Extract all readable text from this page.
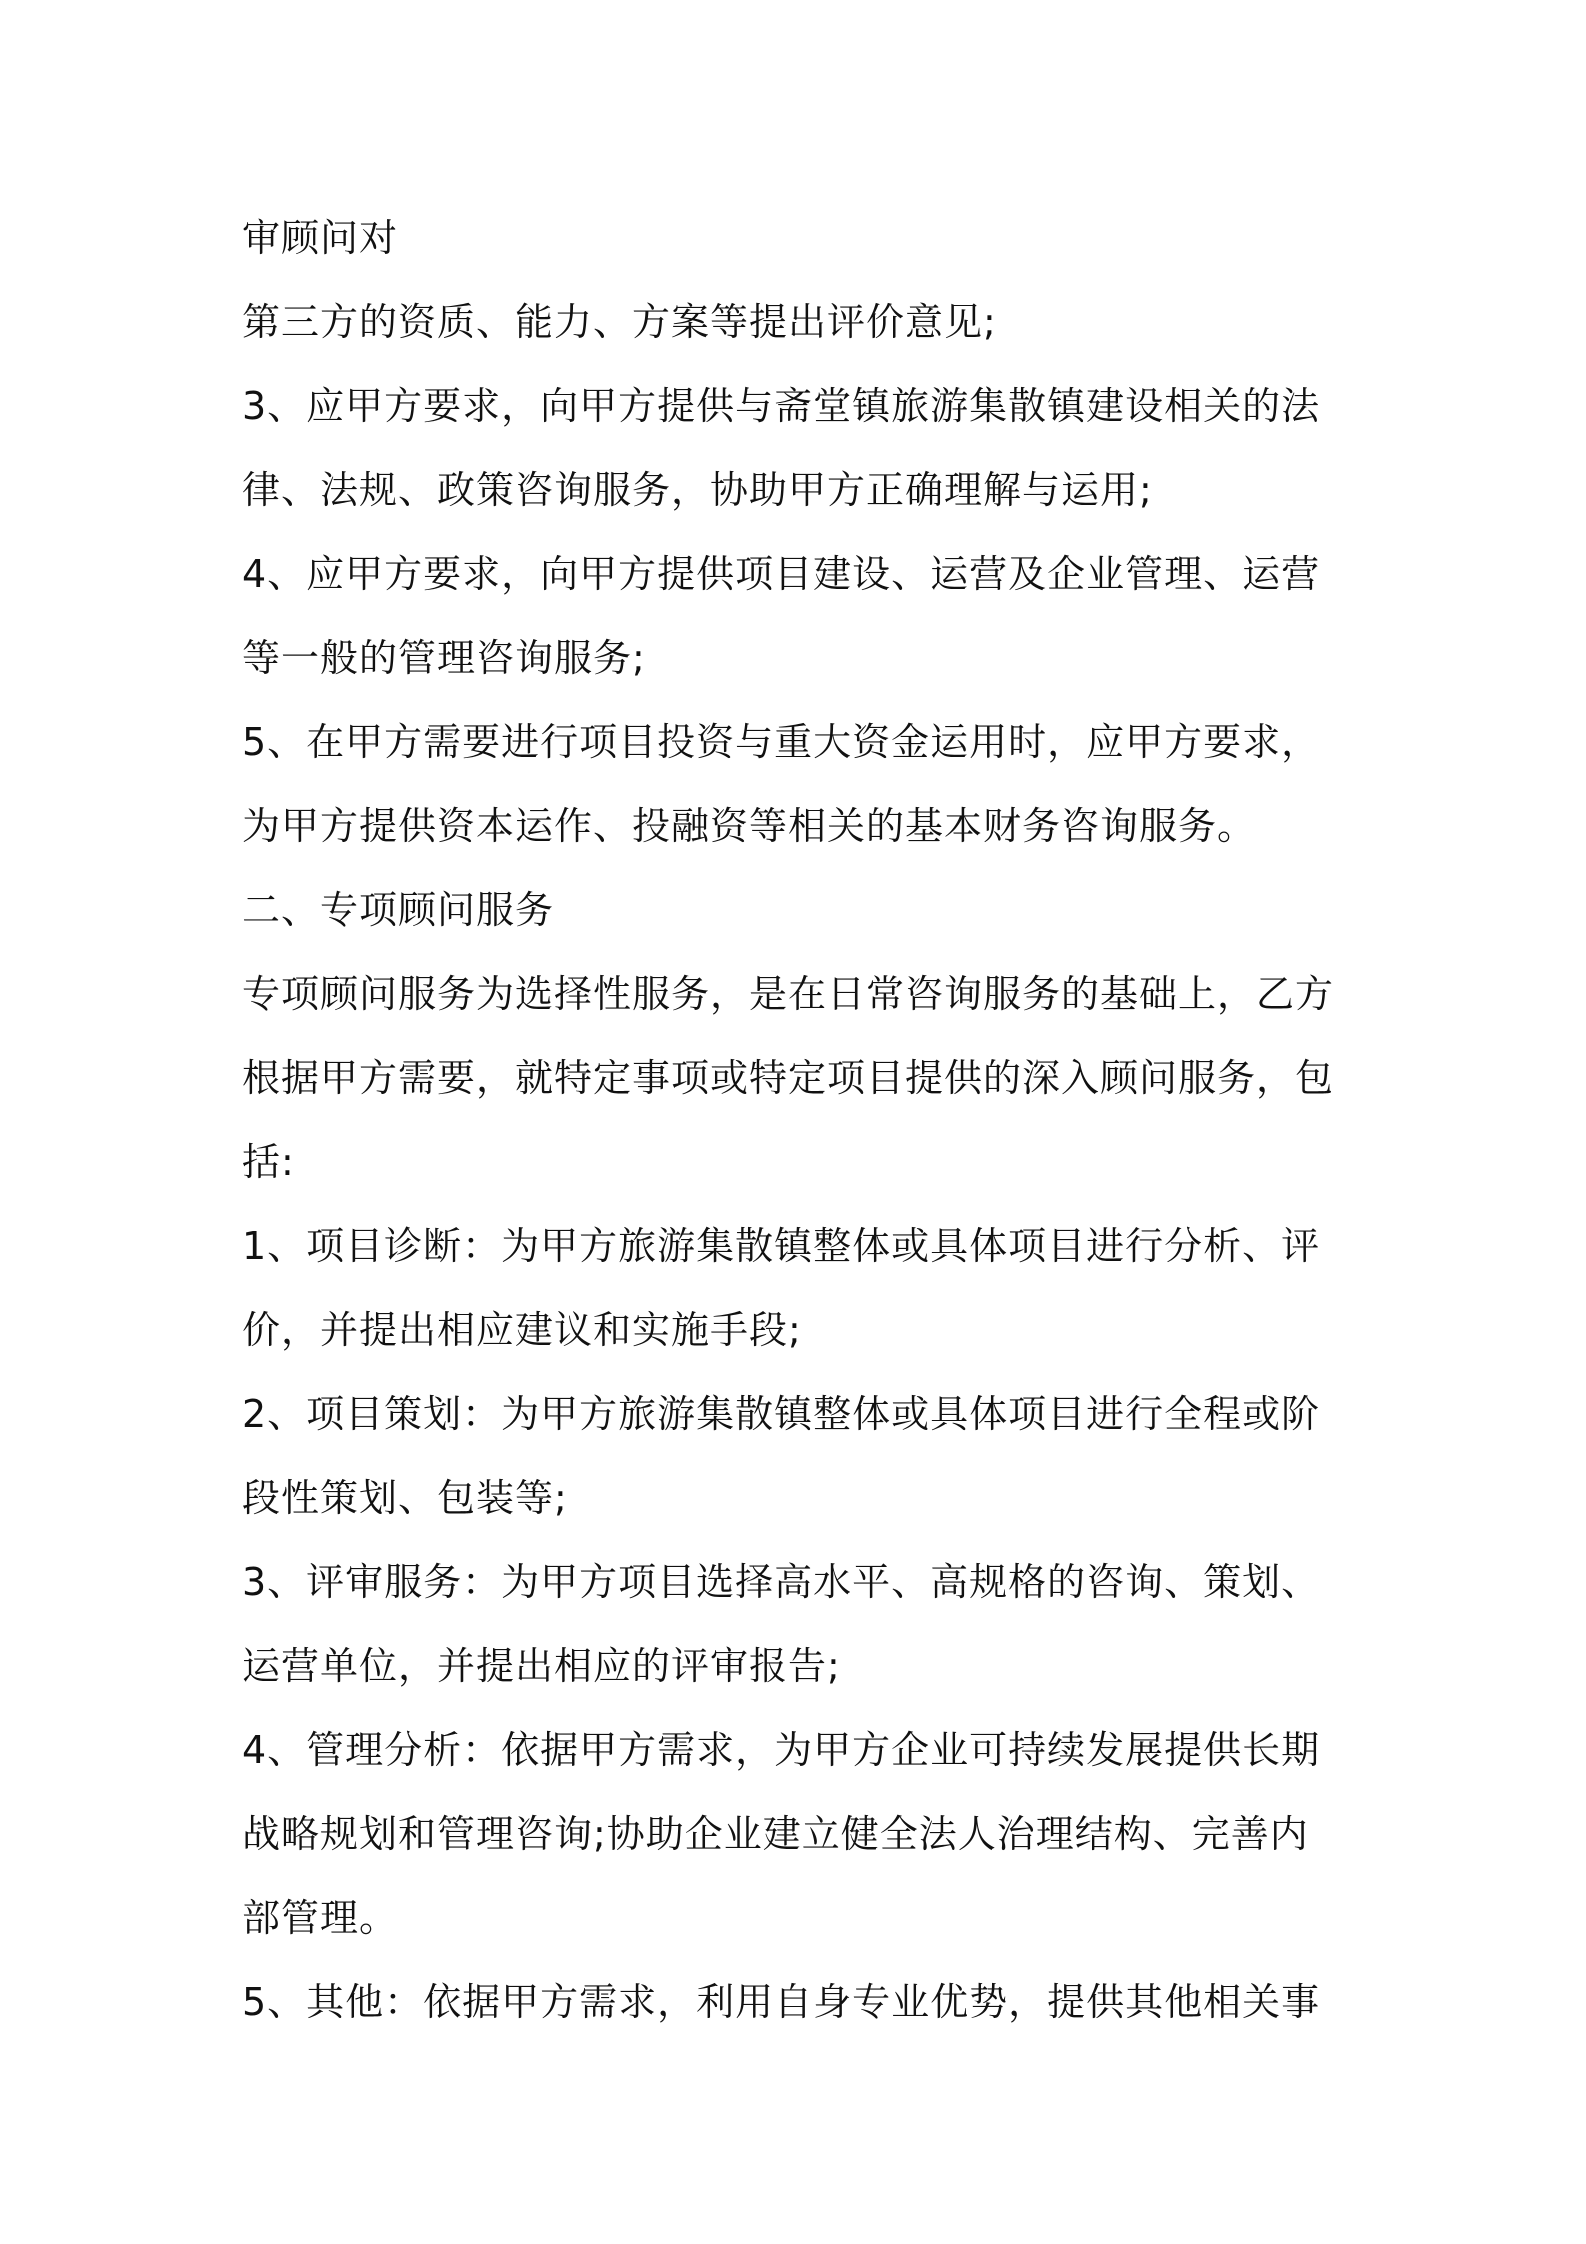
审顾问对
第三方的资质、能力、方案等提出评价意见;
3、应甲方要求，向甲方提供与斋堂镇旅游集散镇建设相关的法
律、法规、政策咨询服务，协助甲方正确理解与运用;
4、应甲方要求，向甲方提供项目建设、运营及企业管理、运营
等一般的管理咨询服务;
5、在甲方需要进行项目投资与重大资金运用时，应甲方要求，
为甲方提供资本运作、投融资等相关的基本财务咨询服务。
二、专项顾问服务
专项顾问服务为选择性服务，是在日常咨询服务的基础上，乙方
根据甲方需要，就特定事项或特定项目提供的深入顾问服务，包
括:
1、项目诊断：为甲方旅游集散镇整体或具体项目进行分析、评
价，并提出相应建议和实施手段;
2、项目策划：为甲方旅游集散镇整体或具体项目进行全程或阶
段性策划、包装等;
3、评审服务：为甲方项目选择高水平、高规格的咨询、策划、
运营单位，并提出相应的评审报告;
4、管理分析：依据甲方需求，为甲方企业可持续发展提供长期
战略规划和管理咨询;协助企业建立健全法人治理结构、完善内
部管理。
5、其他：依据甲方需求，利用自身专业优势，提供其他相关事
